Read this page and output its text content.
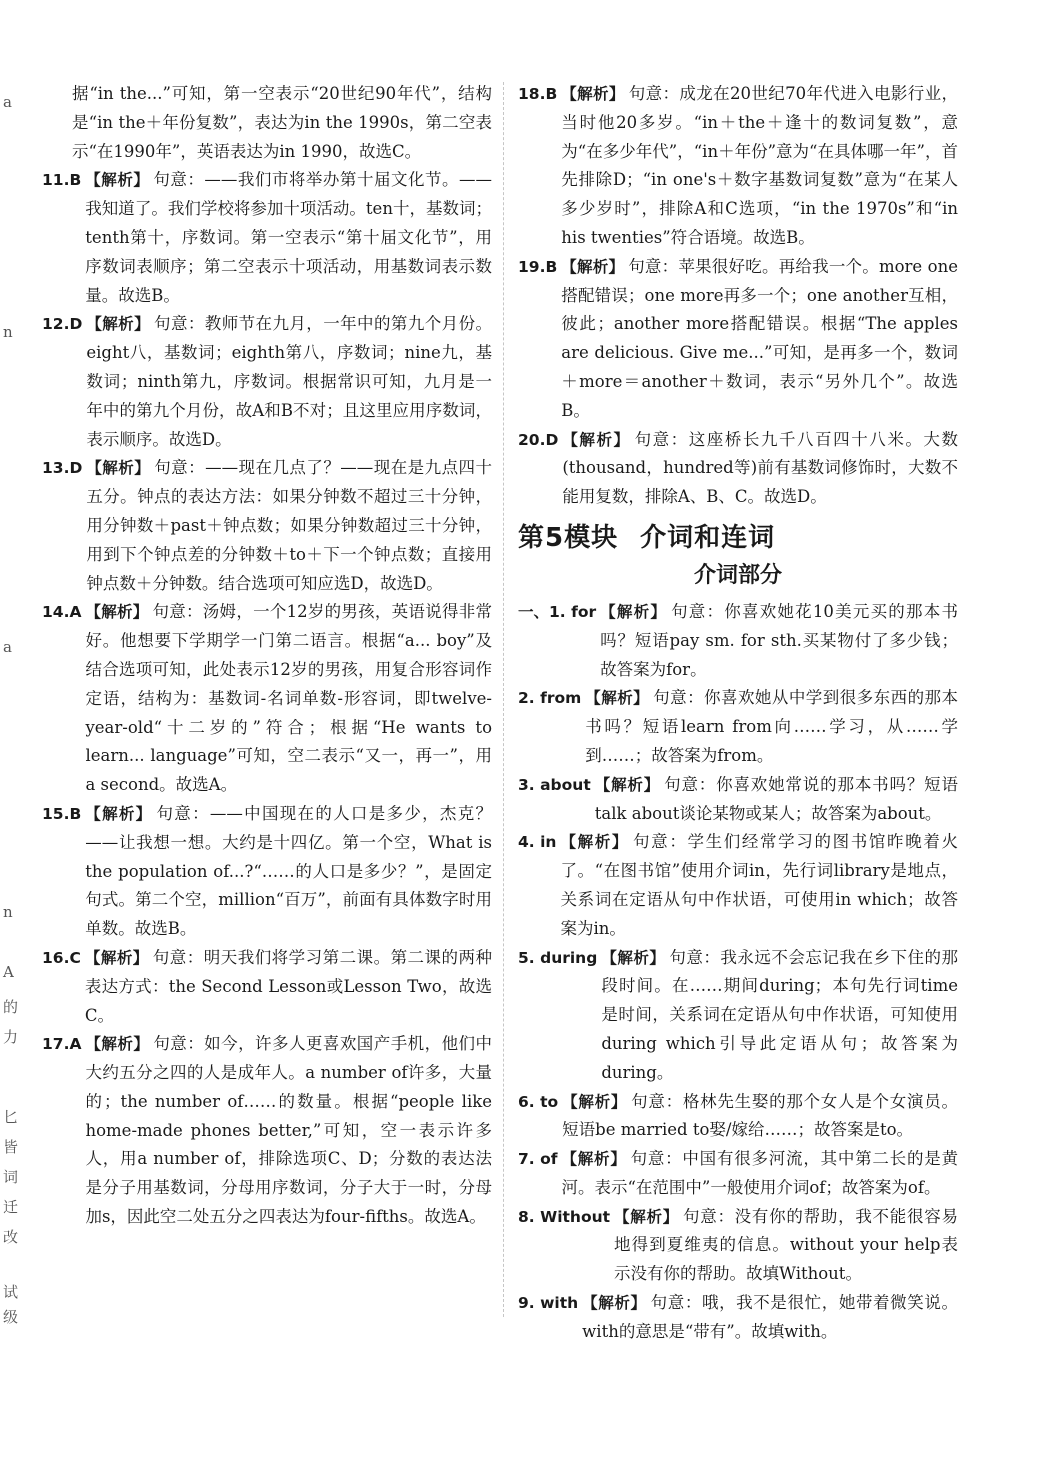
a
n
a
n
A
的
力
匕
皆
词
迁
改
试
级

据“in the...”可知，第一空表示“20世纪90年代”，结构是“in the＋年份复数”，表达为in the 1990s，第二空表示“在1990年”，英语表达为in 1990，故选C。

11.B 【解析】 句意：——我们市将举办第十届文化节。——我知道了。我们学校将参加十项活动。ten十，基数词；tenth第十，序数词。第一空表示“第十届文化节”，用序数词表顺序；第二空表示十项活动，用基数词表示数量。故选B。
12.D 【解析】 句意：教师节在九月，一年中的第九个月份。eight八，基数词；eighth第八，序数词；nine九，基数词；ninth第九，序数词。根据常识可知，九月是一年中的第九个月份，故A和B不对；且这里应用序数词，表示顺序。故选D。
13.D 【解析】 句意：——现在几点了？——现在是九点四十五分。钟点的表达方法：如果分钟数不超过三十分钟，用分钟数＋past＋钟点数；如果分钟数超过三十分钟，用到下个钟点差的分钟数＋to＋下一个钟点数；直接用钟点数＋分钟数。结合选项可知应选D，故选D。
14.A 【解析】 句意：汤姆，一个12岁的男孩，英语说得非常好。他想要下学期学一门第二语言。根据“a... boy”及结合选项可知，此处表示12岁的男孩，用复合形容词作定语，结构为：基数词-名词单数-形容词，即twelve-year-old“十二岁的”符合；根据“He wants to learn... language”可知，空二表示“又一，再一”，用a second。故选A。
15.B 【解析】 句意：——中国现在的人口是多少，杰克？——让我想一想。大约是十四亿。第一个空，What is the population of...?“……的人口是多少？”，是固定句式。第二个空，million“百万”，前面有具体数字时用单数。故选B。
16.C 【解析】 句意：明天我们将学习第二课。第二课的两种表达方式：the Second Lesson或Lesson Two，故选C。
17.A 【解析】 句意：如今，许多人更喜欢国产手机，他们中大约五分之四的人是成年人。a number of许多，大量的；the number of……的数量。根据“people like home-made phones better,”可知，空一表示许多人，用a number of，排除选项C、D；分数的表达法是分子用基数词，分母用序数词，分子大于一时，分母加s，因此空二处五分之四表达为four-fifths。故选A。
18.B 【解析】 句意：成龙在20世纪70年代进入电影行业，当时他20多岁。“in＋the＋逢十的数词复数”，意为“在多少年代”，“in＋年份”意为“在具体哪一年”，首先排除D；“in one's＋数字基数词复数”意为“在某人多少岁时”，排除A和C选项，“in the 1970s”和“in his twenties”符合语境。故选B。
19.B 【解析】 句意：苹果很好吃。再给我一个。more one搭配错误；one more再多一个；one another互相，彼此；another more搭配错误。根据“The apples are delicious. Give me...”可知，是再多一个，数词＋more＝another＋数词，表示“另外几个”。故选B。
20.D 【解析】 句意：这座桥长九千八百四十八米。大数(thousand，hundred等)前有基数词修饰时，大数不能用复数，排除A、B、C。故选D。
第5模块 介词和连词
介词部分
一、1. for 【解析】 句意：你喜欢她花10美元买的那本书吗？短语pay sm. for sth.买某物付了多少钱；故答案为for。
2. from 【解析】 句意：你喜欢她从中学到很多东西的那本书吗？短语learn from向……学习，从……学到……；故答案为from。
3. about 【解析】 句意：你喜欢她常说的那本书吗？短语talk about谈论某物或某人；故答案为about。
4. in 【解析】 句意：学生们经常学习的图书馆昨晚着火了。“在图书馆”使用介词in，先行词library是地点，关系词在定语从句中作状语，可使用in which；故答案为in。
5. during 【解析】 句意：我永远不会忘记我在乡下住的那段时间。在……期间during；本句先行词time是时间，关系词在定语从句中作状语，可知使用during which引导此定语从句；故答案为during。
6. to 【解析】 句意：格林先生娶的那个女人是个女演员。短语be married to娶/嫁给……；故答案是to。
7. of 【解析】 句意：中国有很多河流，其中第二长的是黄河。表示“在范围中”一般使用介词of；故答案为of。
8. Without 【解析】 句意：没有你的帮助，我不能很容易地得到夏维夷的信息。without your help表示没有你的帮助。故填Without。
9. with 【解析】 句意：哦，我不是很忙，她带着微笑说。with的意思是“带有”。故填with。
